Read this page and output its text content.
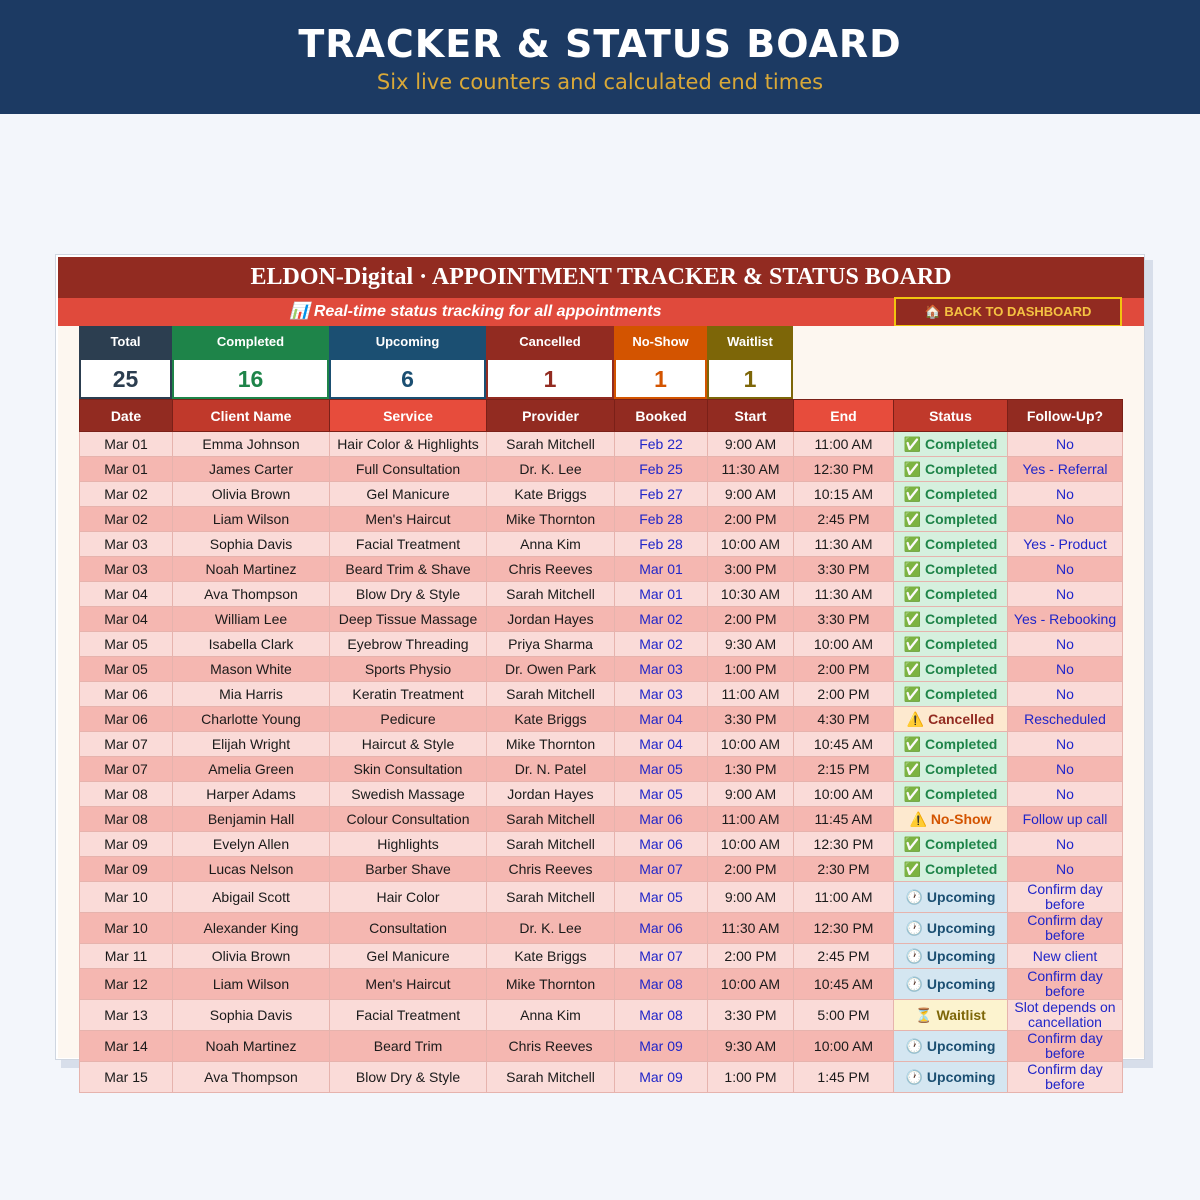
TRACKER & STATUS BOARD
Six live counters and calculated end times
ELDON-Digital · APPOINTMENT TRACKER & STATUS BOARD
📊 Real-time status tracking for all appointments	🏠 BACK TO DASHBOARD
Total
25
Completed
16
Upcoming
6
Cancelled
1
No-Show
1
Waitlist
1
Date	Client Name	Service	Provider	Booked	Start	End	Status	Follow-Up?
Mar 01	Emma Johnson	Hair Color & Highlights	Sarah Mitchell	Feb 22	9:00 AM	11:00 AM	✅ Completed	No
Mar 01	James Carter	Full Consultation	Dr. K. Lee	Feb 25	11:30 AM	12:30 PM	✅ Completed	Yes - Referral
Mar 02	Olivia Brown	Gel Manicure	Kate Briggs	Feb 27	9:00 AM	10:15 AM	✅ Completed	No
Mar 02	Liam Wilson	Men's Haircut	Mike Thornton	Feb 28	2:00 PM	2:45 PM	✅ Completed	No
Mar 03	Sophia Davis	Facial Treatment	Anna Kim	Feb 28	10:00 AM	11:30 AM	✅ Completed	Yes - Product
Mar 03	Noah Martinez	Beard Trim & Shave	Chris Reeves	Mar 01	3:00 PM	3:30 PM	✅ Completed	No
Mar 04	Ava Thompson	Blow Dry & Style	Sarah Mitchell	Mar 01	10:30 AM	11:30 AM	✅ Completed	No
Mar 04	William Lee	Deep Tissue Massage	Jordan Hayes	Mar 02	2:00 PM	3:30 PM	✅ Completed	Yes - Rebooking
Mar 05	Isabella Clark	Eyebrow Threading	Priya Sharma	Mar 02	9:30 AM	10:00 AM	✅ Completed	No
Mar 05	Mason White	Sports Physio	Dr. Owen Park	Mar 03	1:00 PM	2:00 PM	✅ Completed	No
Mar 06	Mia Harris	Keratin Treatment	Sarah Mitchell	Mar 03	11:00 AM	2:00 PM	✅ Completed	No
Mar 06	Charlotte Young	Pedicure	Kate Briggs	Mar 04	3:30 PM	4:30 PM	⚠️ Cancelled	Rescheduled
Mar 07	Elijah Wright	Haircut & Style	Mike Thornton	Mar 04	10:00 AM	10:45 AM	✅ Completed	No
Mar 07	Amelia Green	Skin Consultation	Dr. N. Patel	Mar 05	1:30 PM	2:15 PM	✅ Completed	No
Mar 08	Harper Adams	Swedish Massage	Jordan Hayes	Mar 05	9:00 AM	10:00 AM	✅ Completed	No
Mar 08	Benjamin Hall	Colour Consultation	Sarah Mitchell	Mar 06	11:00 AM	11:45 AM	⚠️ No-Show	Follow up call
Mar 09	Evelyn Allen	Highlights	Sarah Mitchell	Mar 06	10:00 AM	12:30 PM	✅ Completed	No
Mar 09	Lucas Nelson	Barber Shave	Chris Reeves	Mar 07	2:00 PM	2:30 PM	✅ Completed	No
Mar 10	Abigail Scott	Hair Color	Sarah Mitchell	Mar 05	9:00 AM	11:00 AM	🕐 Upcoming	Confirm day before
Mar 10	Alexander King	Consultation	Dr. K. Lee	Mar 06	11:30 AM	12:30 PM	🕐 Upcoming	Confirm day before
Mar 11	Olivia Brown	Gel Manicure	Kate Briggs	Mar 07	2:00 PM	2:45 PM	🕐 Upcoming	New client
Mar 12	Liam Wilson	Men's Haircut	Mike Thornton	Mar 08	10:00 AM	10:45 AM	🕐 Upcoming	Confirm day before
Mar 13	Sophia Davis	Facial Treatment	Anna Kim	Mar 08	3:30 PM	5:00 PM	⏳ Waitlist	Slot depends on cancellation
Mar 14	Noah Martinez	Beard Trim	Chris Reeves	Mar 09	9:30 AM	10:00 AM	🕐 Upcoming	Confirm day before
Mar 15	Ava Thompson	Blow Dry & Style	Sarah Mitchell	Mar 09	1:00 PM	1:45 PM	🕐 Upcoming	Confirm day before
